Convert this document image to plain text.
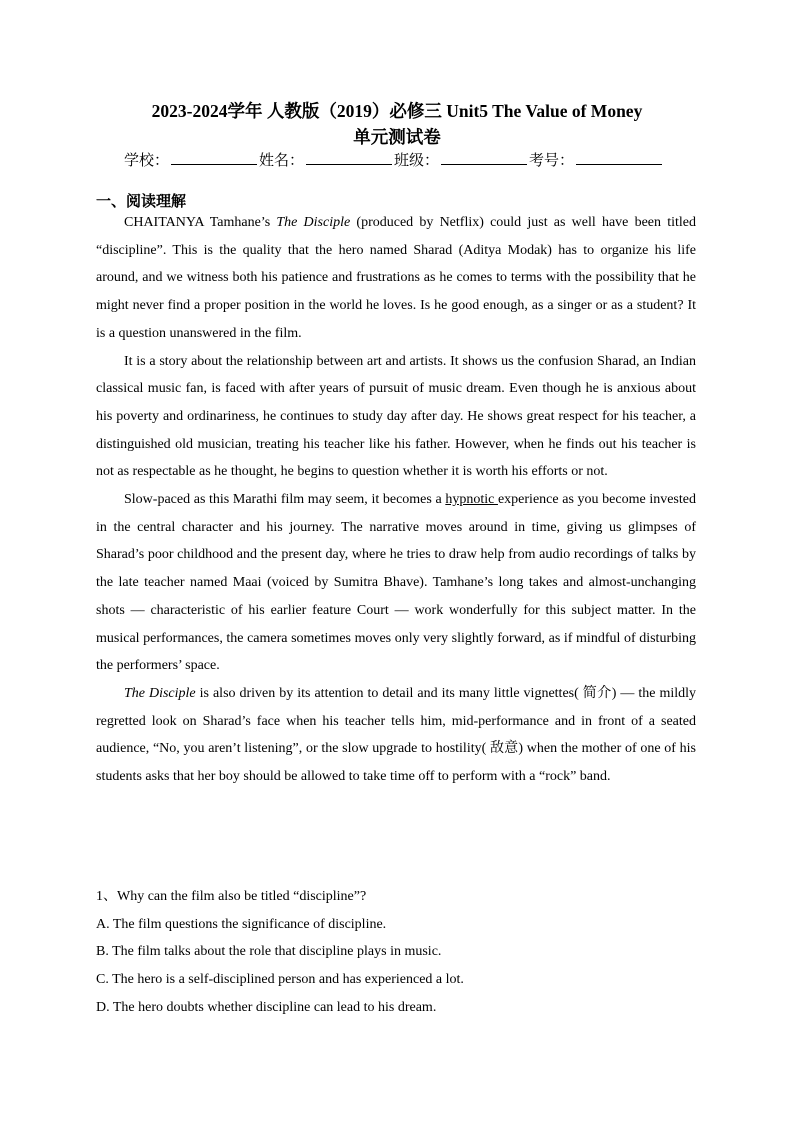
2023-2024学年 人教版（2019）必修三 Unit5 The Value of Money
单元测试卷
学校：	姓名：	班级：	考号：
一、阅读理解

CHAITANYA Tamhane’s The Disciple (produced by Netflix) could just as well have been titled “discipline”. This is the quality that the hero named Sharad (Aditya Modak) has to organize his life around, and we witness both his patience and frustrations as he comes to terms with the possibility that he might never find a proper position in the world he loves. Is he good enough, as a singer or as a student? It is a question unanswered in the film.

It is a story about the relationship between art and artists. It shows us the confusion Sharad, an Indian classical music fan, is faced with after years of pursuit of music dream. Even though he is anxious about his poverty and ordinariness, he continues to study day after day. He shows great respect for his teacher, a distinguished old musician, treating his teacher like his father. However, when he finds out his teacher is not as respectable as he thought, he begins to question whether it is worth his efforts or not.

Slow-paced as this Marathi film may seem, it becomes a hypnotic experience as you become invested in the central character and his journey. The narrative moves around in time, giving us glimpses of Sharad’s poor childhood and the present day, where he tries to draw help from audio recordings of talks by the late teacher named Maai (voiced by Sumitra Bhave). Tamhane’s long takes and almost-unchanging shots — characteristic of his earlier feature Court — work wonderfully for this subject matter. In the musical performances, the camera sometimes moves only very slightly forward, as if mindful of disturbing the performers’ space.

The Disciple is also driven by its attention to detail and its many little vignettes( 简介) — the mildly regretted look on Sharad’s face when his teacher tells him, mid-performance and in front of a seated audience, “No, you aren’t listening”, or the slow upgrade to hostility( 敌意) when the mother of one of his students asks that her boy should be allowed to take time off to perform with a “rock” band.

1、Why can the film also be titled “discipline”?
A. The film questions the significance of discipline.
B. The film talks about the role that discipline plays in music.
C. The hero is a self-disciplined person and has experienced a lot.
D. The hero doubts whether discipline can lead to his dream.
